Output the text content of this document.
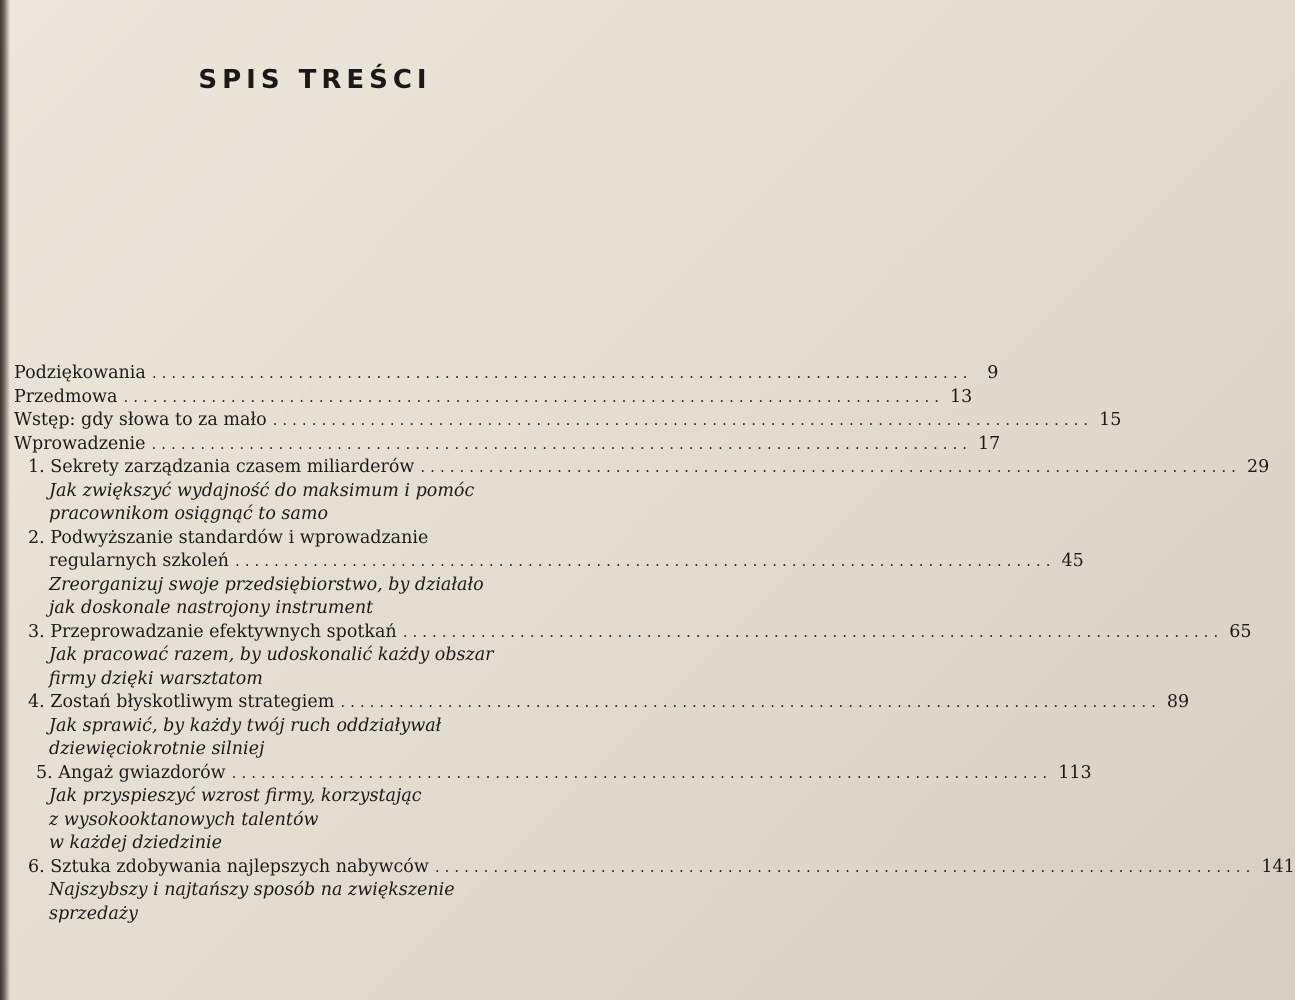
SPIS TREŚCI
Podziękowania .................................................................................... 9
Przedmowa .................................................................................... 13
Wstęp: gdy słowa to za mało .................................................................................... 15
Wprowadzenie .................................................................................... 17
1. Sekrety zarządzania czasem miliarderów .................................................................................... 29
Jak zwiększyć wydajność do maksimum i pomóc
pracownikom osiągnąć to samo
2. Podwyższanie standardów i wprowadzanie
regularnych szkoleń .................................................................................... 45
Zreorganizuj swoje przedsiębiorstwo, by działało
jak doskonale nastrojony instrument
3. Przeprowadzanie efektywnych spotkań .................................................................................... 65
Jak pracować razem, by udoskonalić każdy obszar
firmy dzięki warsztatom
4. Zostań błyskotliwym strategiem .................................................................................... 89
Jak sprawić, by każdy twój ruch oddziaływał
dziewięciokrotnie silniej
5. Angaż gwiazdorów .................................................................................... 113
Jak przyspieszyć wzrost firmy, korzystając
z wysokooktanowych talentów
w każdej dziedzinie
6. Sztuka zdobywania najlepszych nabywców .................................................................................... 141
Najszybszy i najtańszy sposób na zwiększenie
sprzedaży
